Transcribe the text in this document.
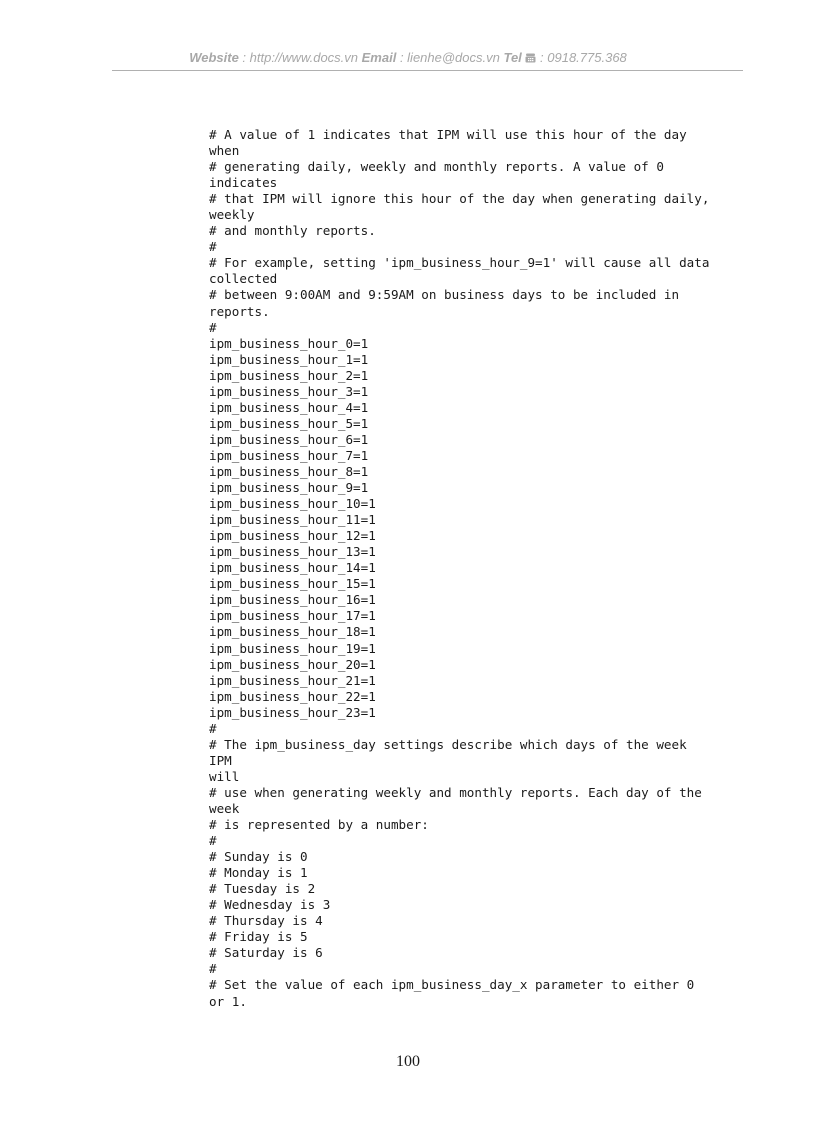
Website : http://www.docs.vn Email : lienhe@docs.vn Tel  : 0918.775.368
# A value of 1 indicates that IPM will use this hour of the day
when
# generating daily, weekly and monthly reports. A value of 0
indicates
# that IPM will ignore this hour of the day when generating daily,
weekly
# and monthly reports.
#
# For example, setting 'ipm_business_hour_9=1' will cause all data
collected
# between 9:00AM and 9:59AM on business days to be included in
reports.
#
ipm_business_hour_0=1
ipm_business_hour_1=1
ipm_business_hour_2=1
ipm_business_hour_3=1
ipm_business_hour_4=1
ipm_business_hour_5=1
ipm_business_hour_6=1
ipm_business_hour_7=1
ipm_business_hour_8=1
ipm_business_hour_9=1
ipm_business_hour_10=1
ipm_business_hour_11=1
ipm_business_hour_12=1
ipm_business_hour_13=1
ipm_business_hour_14=1
ipm_business_hour_15=1
ipm_business_hour_16=1
ipm_business_hour_17=1
ipm_business_hour_18=1
ipm_business_hour_19=1
ipm_business_hour_20=1
ipm_business_hour_21=1
ipm_business_hour_22=1
ipm_business_hour_23=1
#
# The ipm_business_day settings describe which days of the week
IPM
will
# use when generating weekly and monthly reports. Each day of the
week
# is represented by a number:
#
# Sunday is 0
# Monday is 1
# Tuesday is 2
# Wednesday is 3
# Thursday is 4
# Friday is 5
# Saturday is 6
#
# Set the value of each ipm_business_day_x parameter to either 0
or 1.
100
